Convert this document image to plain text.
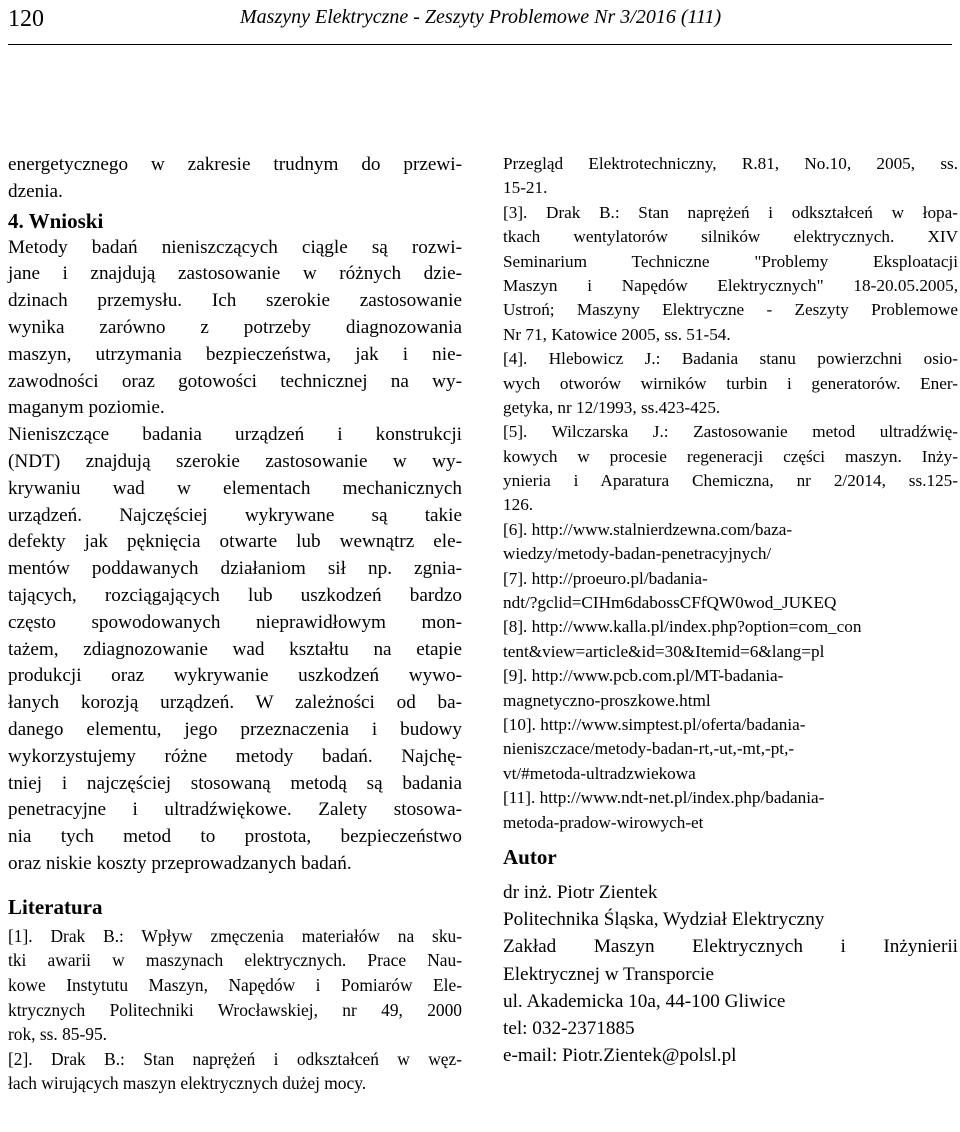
120	Maszyny Elektryczne - Zeszyty Problemowe Nr 3/2016 (111)
energetycznego w zakresie trudnym do przewi-
dzenia.
4. Wnioski
Metody badań nieniszczących ciągle są rozwi-
jane i znajdują zastosowanie w różnych dzie-
dzinach przemysłu. Ich szerokie zastosowanie
wynika zarówno z potrzeby diagnozowania
maszyn, utrzymania bezpieczeństwa, jak i nie-
zawodności oraz gotowości technicznej na wy-
maganym poziomie.
Nieniszczące badania urządzeń i konstrukcji
(NDT) znajdują szerokie zastosowanie w wy-
krywaniu wad w elementach mechanicznych
urządzeń. Najczęściej wykrywane są takie
defekty jak pęknięcia otwarte lub wewnątrz ele-
mentów poddawanych działaniom sił np. zgnia-
tających, rozciągających lub uszkodzeń bardzo
często spowodowanych nieprawidłowym mon-
tażem, zdiagnozowanie wad kształtu na etapie
produkcji oraz wykrywanie uszkodzeń wywo-
łanych korozją urządzeń. W zależności od ba-
danego elementu, jego przeznaczenia i budowy
wykorzystujemy różne metody badań. Najchę-
tniej i najczęściej stosowaną metodą są badania
penetracyjne i ultradźwiękowe. Zalety stosowa-
nia tych metod to prostota, bezpieczeństwo
oraz niskie koszty przeprowadzanych badań.
Literatura
[1]. Drak B.: Wpływ zmęczenia materiałów na sku-
tki awarii w maszynach elektrycznych. Prace Nau-
kowe Instytutu Maszyn, Napędów i Pomiarów Ele-
ktrycznych Politechniki Wrocławskiej, nr 49, 2000
rok, ss. 85-95.
[2]. Drak B.: Stan naprężeń i odkształceń w węz-
łach wirujących maszyn elektrycznych dużej mocy.
Przegląd Elektrotechniczny, R.81, No.10, 2005, ss.
15-21.
[3]. Drak B.: Stan naprężeń i odkształceń w łopa-
tkach wentylatorów silników elektrycznych. XIV
Seminarium Techniczne "Problemy Eksploatacji
Maszyn i Napędów Elektrycznych" 18-20.05.2005,
Ustroń; Maszyny Elektryczne - Zeszyty Problemowe
Nr 71, Katowice 2005, ss. 51-54.
[4]. Hlebowicz J.: Badania stanu powierzchni osio-
wych otworów wirników turbin i generatorów. Ener-
getyka, nr 12/1993, ss.423-425.
[5]. Wilczarska J.: Zastosowanie metod ultradźwię-
kowych w procesie regeneracji części maszyn. Inży-
ynieria i Aparatura Chemiczna, nr 2/2014, ss.125-
126.
[6]. http://www.stalnierdzewna.com/baza-
wiedzy/metody-badan-penetracyjnych/
[7]. http://proeuro.pl/badania-
ndt/?gclid=CIHm6dabossCFfQW0wod_JUKEQ
[8]. http://www.kalla.pl/index.php?option=com_con
tent&view=article&id=30&Itemid=6&lang=pl
[9]. http://www.pcb.com.pl/MT-badania-
magnetyczno-proszkowe.html
[10]. http://www.simptest.pl/oferta/badania-
nieniszczace/metody-badan-rt,-ut,-mt,-pt,-
vt/#metoda-ultradzwiekowa
[11]. http://www.ndt-net.pl/index.php/badania-
metoda-pradow-wirowych-et
Autor
dr inż. Piotr Zientek
Politechnika Śląska, Wydział Elektryczny
Zakład Maszyn Elektrycznych i Inżynierii
Elektrycznej w Transporcie
ul. Akademicka 10a, 44-100 Gliwice
tel: 032-2371885
e-mail: Piotr.Zientek@polsl.pl
